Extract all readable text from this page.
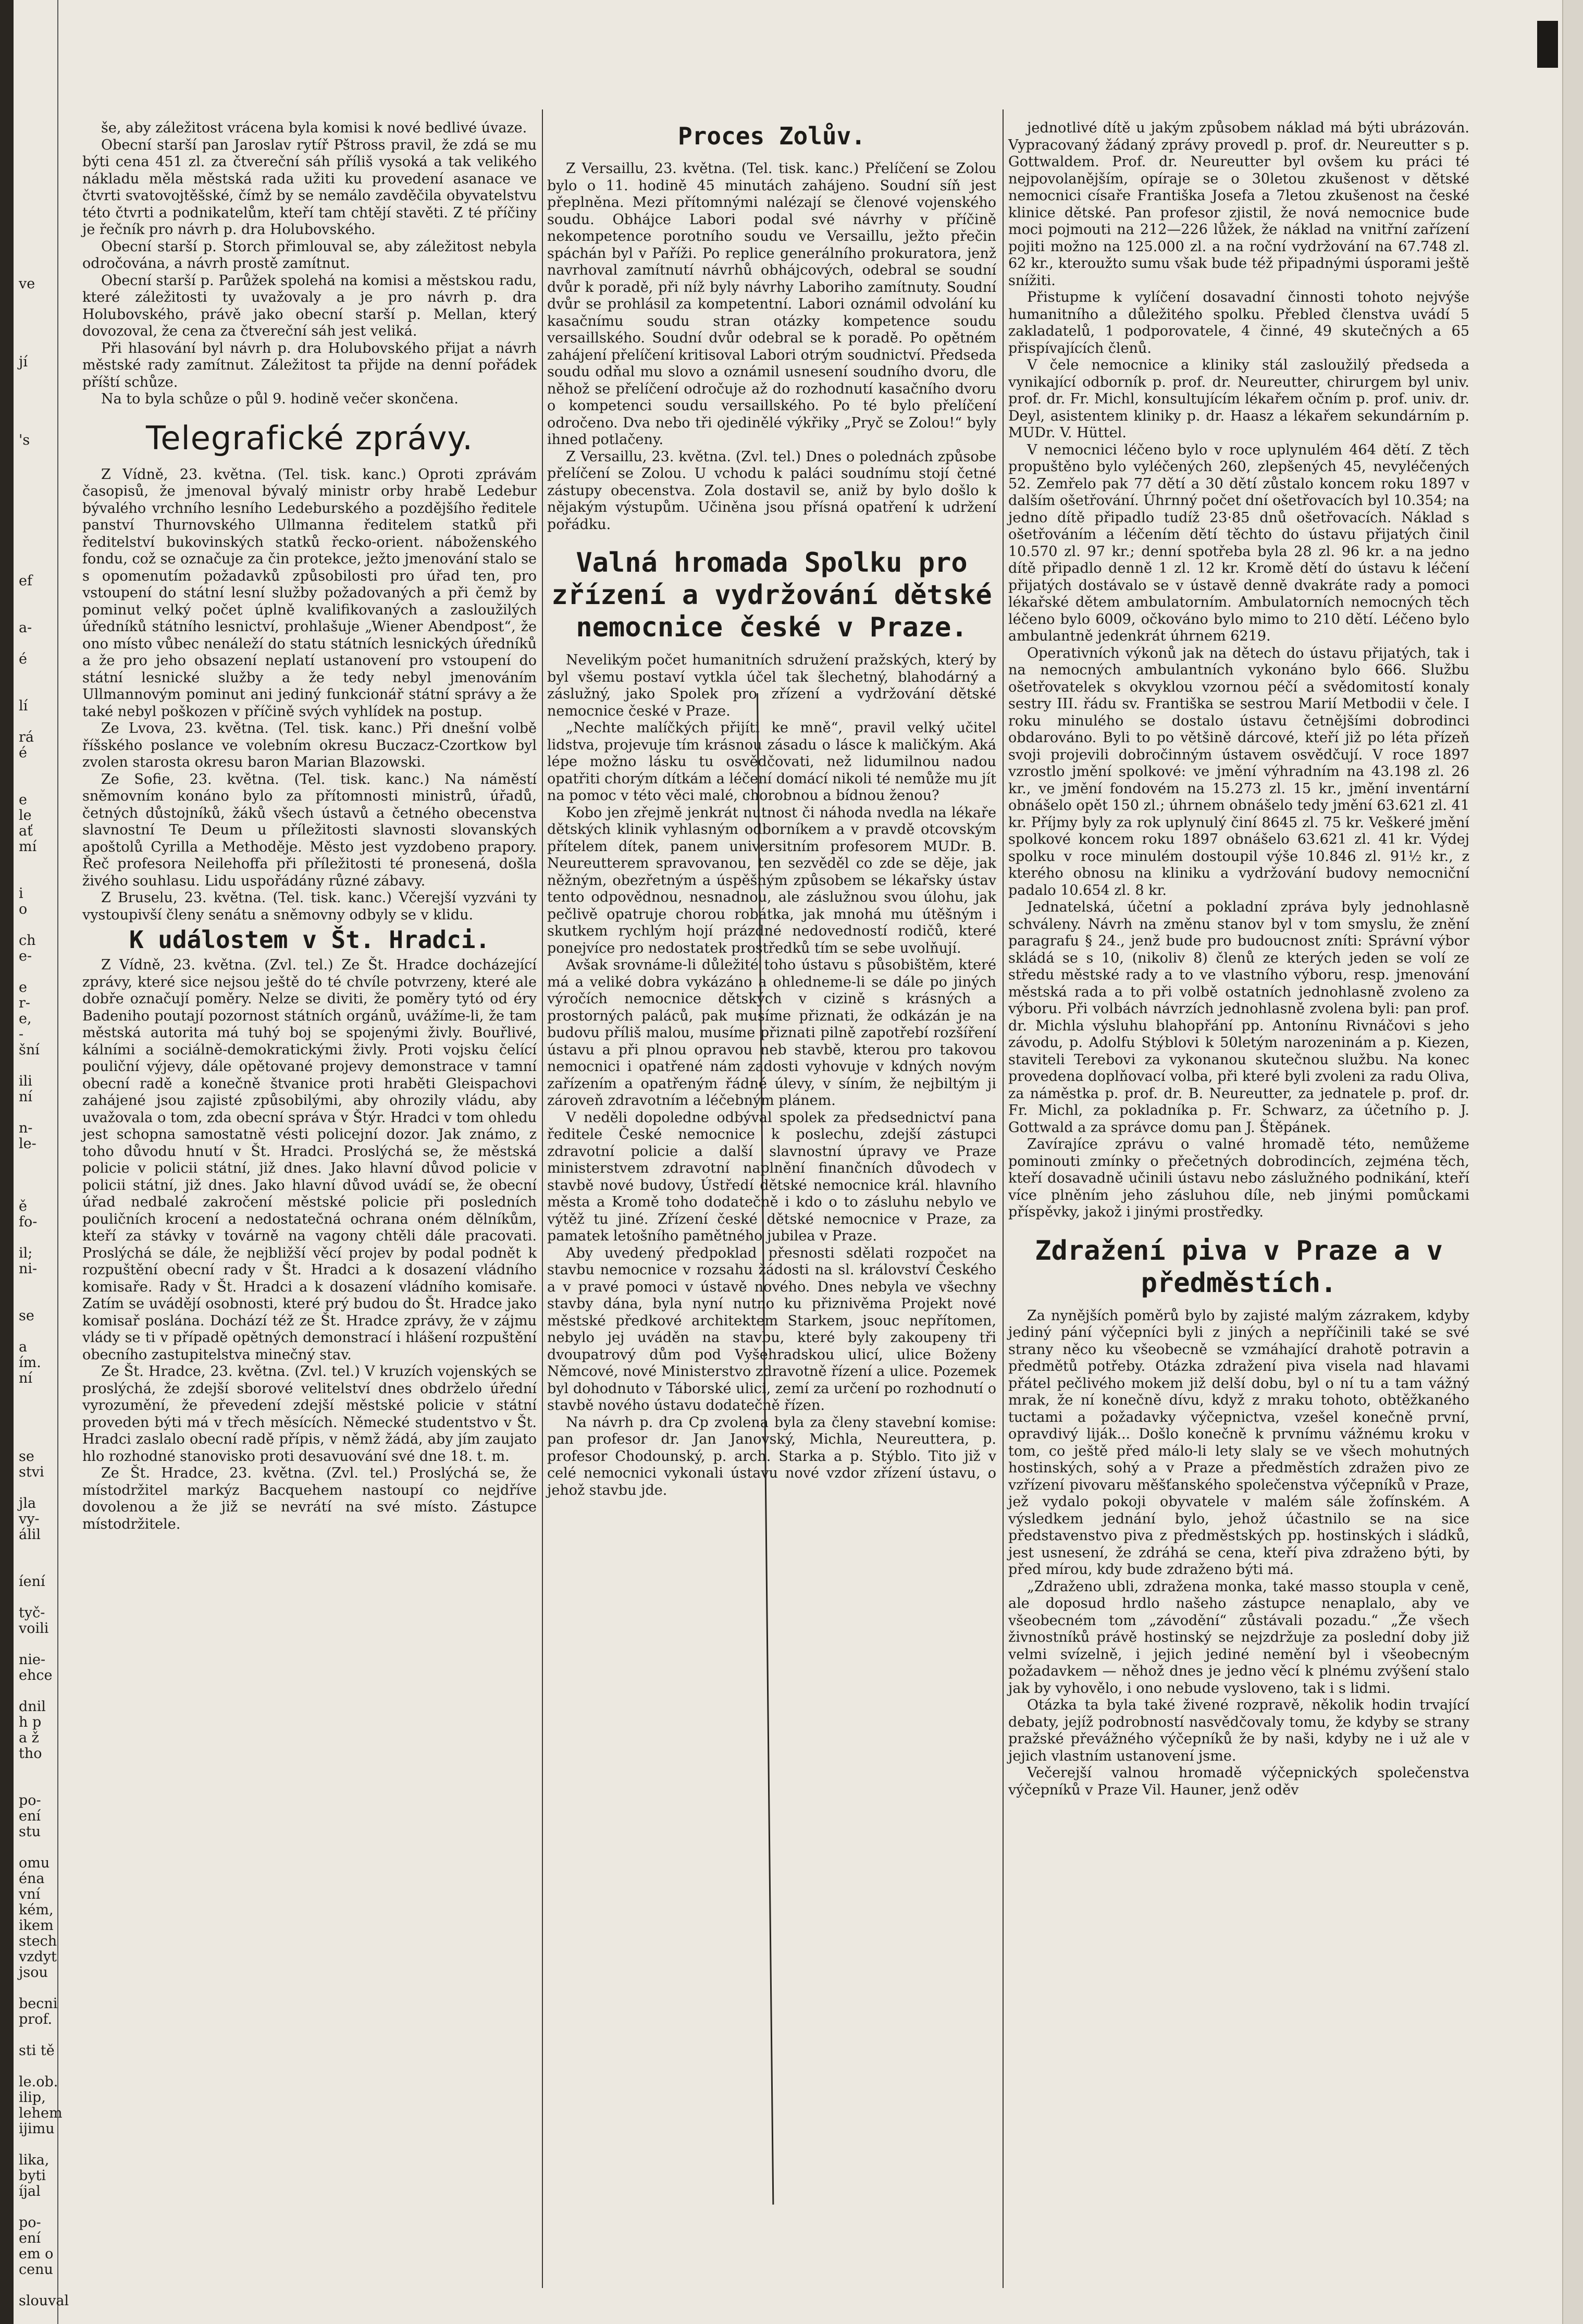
ve
jí
's
ef
a-
é
lí
rá
é
e
le
ať
mí
i
o
ch
e-
e
r-
e,
-
šní
ili
ní
n-
le-
ě
fo-
il;
ni-
se
a
ím.
ní
se
stvi
jla
vy-
álil
íení
tyč-
voili
nie-
ehce
dnil
h p
a ž
tho
po-
ení
stu
omu
éna
vní
kém,
ikem
stech
vzdyt
jsou
becni
prof.
sti tě
le.ob.
ilip,
lehem
ijimu
lika,
byti
íjal
po-
ení
em o
cenu
slouval

še, aby záležitost vrácena byla komisi k nové bedlivé úvaze.

Obecní starší pan Jaroslav rytíř Pštross pravil, že zdá se mu býti cena 451 zl. za čtvereční sáh příliš vysoká a tak velikého nákladu měla městská rada užiti ku provedení asanace ve čtvrti svatovojtěšské, čímž by se nemálo zavděčila obyvatelstvu této čtvrti a podnikatelům, kteří tam chtějí stavěti. Z té příčiny je řečník pro návrh p. dra Holubovského.

Obecní starší p. Storch přimlouval se, aby záležitost nebyla odročována, a návrh prostě zamítnut.

Obecní starší p. Parůžek spolehá na komisi a městskou radu, které záležitosti ty uvažovaly a je pro návrh p. dra Holubovského, právě jako obecní starší p. Mellan, který dovozoval, že cena za čtvereční sáh jest veliká.

Při hlasování byl návrh p. dra Holubovského přijat a návrh městské rady zamítnut. Záležitost ta přijde na denní pořádek příští schůze.

Na to byla schůze o půl 9. hodině večer skončena.

Telegrafické zprávy.

Z Vídně, 23. května. (Tel. tisk. kanc.) Oproti zprávám časopisů, že jmenoval bývalý ministr orby hrabě Ledebur bývalého vrchního lesního Ledeburského a pozdějšího ředitele panství Thurnovského Ullmanna ředitelem statků při ředitelství bukovinských statků řecko-orient. náboženského fondu, což se označuje za čin protekce, ježto jmenování stalo se s opomenutím požadavků způsobilosti pro úřad ten, pro vstoupení do státní lesní služby požadovaných a při čemž by pominut velký počet úplně kvalifikovaných a zasloužilých úředníků státního lesnictví, prohlašuje „Wiener Abendpost“, že ono místo vůbec nenáleží do statu státních lesnických úředníků a že pro jeho obsazení neplatí ustanovení pro vstoupení do státní lesnické služby a že tedy nebyl jmenováním Ullmannovým pominut ani jediný funkcionář státní správy a že také nebyl poškozen v příčině svých vyhlídek na postup.

Ze Lvova, 23. května. (Tel. tisk. kanc.) Při dnešní volbě říšského poslance ve volebním okresu Buczacz-Czortkow byl zvolen starosta okresu baron Marian Blazowski.

Ze Sofie, 23. května. (Tel. tisk. kanc.) Na náměstí sněmovním konáno bylo za přítomnosti ministrů, úřadů, četných důstojníků, žáků všech ústavů a četného obecenstva slavnostní Te Deum u příležitosti slavnosti slovanských apoštolů Cyrilla a Methoděje. Město jest vyzdobeno prapory. Řeč profesora Neilehoffa při příležitosti té pronesená, došla živého souhlasu. Lidu uspořádány různé zábavy.

Z Bruselu, 23. května. (Tel. tisk. kanc.) Včerejší vyzváni ty vystoupivší členy senátu a sněmovny odbyly se v klidu.

K událostem v Št. Hradci.

Z Vídně, 23. května. (Zvl. tel.) Ze Št. Hradce docházející zprávy, které sice nejsou ještě do té chvíle potvrzeny, které ale dobře označují poměry. Nelze se diviti, že poměry tytó od éry Badeniho poutají pozornost státních orgánů, uvážíme-li, že tam městská autorita má tuhý boj se spojenými živly. Bouřlivé, kálními a sociálně-demokratickými živly. Proti vojsku čelící pouliční výjevy, dále opětované projevy demonstrace v tamní obecní radě a konečně štvanice proti hraběti Gleispachovi zahájené jsou zajisté způsobilými, aby ohrozily vládu, aby uvažovala o tom, zda obecní správa v Štýr. Hradci v tom ohledu jest schopna samostatně vésti policejní dozor. Jak známo, z toho důvodu hnutí v Št. Hradci. Proslýchá se, že městská policie v policii státní, již dnes. Jako hlavní důvod policie v policii státní, již dnes. Jako hlavní důvod uvádí se, že obecní úřad nedbalé zakročení městské policie při posledních pouličních krocení a nedostatečná ochrana oném dělníkům, kteří za stávky v továrně na vagony chtěli dále pracovati. Proslýchá se dále, že nejbližší věcí projev by podal podnět k rozpuštění obecní rady v Št. Hradci a k dosazení vládního komisaře. Rady v Št. Hradci a k dosazení vládního komisaře. Zatím se uvádějí osobnosti, které prý budou do Št. Hradce jako komisař poslána. Dochází též ze Št. Hradce zprávy, že v zájmu vlády se ti v případě opětných demonstrací i hlášení rozpuštění obecního zastupitelstva minečný stav.

Ze Št. Hradce, 23. května. (Zvl. tel.) V kruzích vojenských se proslýchá, že zdejší sborové velitelství dnes obdrželo úřední vyrozumění, že převedení zdejší městské policie v státní proveden býti má v třech měsících. Německé studentstvo v Št. Hradci zaslalo obecní radě přípis, v němž žádá, aby jím zaujato hlo rozhodné stanovisko proti desavuování své dne 18. t. m.

Ze Št. Hradce, 23. května. (Zvl. tel.) Proslýchá se, že místodržitel markýz Bacquehem nastoupí co nejdříve dovolenou a že již se nevrátí na své místo. Zástupce místodržitele.

Proces Zolův.

Z Versaillu, 23. května. (Tel. tisk. kanc.) Přelíčení se Zolou bylo o 11. hodině 45 minutách zahájeno. Soudní síň jest přeplněna. Mezi přítomnými nalézají se členové vojenského soudu. Obhájce Labori podal své návrhy v příčině nekompetence porotního soudu ve Versaillu, ježto přečin spáchán byl v Paříži. Po replice generálního prokuratora, jenž navrhoval zamítnutí návrhů obhájcových, odebral se soudní dvůr k poradě, při níž byly návrhy Laboriho zamítnuty. Soudní dvůr se prohlásil za kompetentní. Labori oznámil odvolání ku kasačnímu soudu stran otázky kompetence soudu versaillského. Soudní dvůr odebral se k poradě. Po opětném zahájení přelíčení kritisoval Labori otrým soudnictví. Předseda soudu odňal mu slovo a oznámil usnesení soudního dvoru, dle něhož se přelíčení odročuje až do rozhodnutí kasačního dvoru o kompetenci soudu versaillského. Po té bylo přelíčení odročeno. Dva nebo tři ojedinělé výkřiky „Pryč se Zolou!“ byly ihned potlačeny.

Z Versaillu, 23. května. (Zvl. tel.) Dnes o polednách způsobe přelíčení se Zolou. U vchodu k paláci soudnímu stojí četné zástupy obecenstva. Zola dostavil se, aniž by bylo došlo k nějakým výstupům. Učiněna jsou přísná opatření k udržení pořádku.

Valná hromada Spolku pro zřízení a vydržování dětské nemocnice české v Praze.

Nevelikým počet humanitních sdružení pražských, který by byl všemu postaví vytkla účel tak šlechetný, blahodárný a záslužný, jako Spolek pro zřízení a vydržování dětské nemocnice české v Praze.

„Nechte malíčkých přijíti ke mně“, pravil velký učitel lidstva, projevuje tím krásnou zásadu o lásce k maličkým. Aká lépe možno lásku tu osvědčovati, než lidumilnou nadou opatřiti chorým dítkám a léčení domácí nikoli té nemůže mu jít na pomoc v této věci malé, chorobnou a bídnou ženou?

Kobo jen zřejmě jenkrát nutnost či náhoda nvedla na lékaře dětských klinik vyhlasným odborníkem a v pravdě otcovským přítelem dítek, panem universitním profesorem MUDr. B. Neureutterem spravovanou, ten sezvěděl co zde se děje, jak něžným, obezřetným a úspěšným způsobem se lékařsky ústav tento odpovědnou, nesnadnou, ale záslužnou svou úlohu, jak pečlivě opatruje chorou robátka, jak mnohá mu útěšným i skutkem rychlým hojí prázdné nedovedností rodičů, které ponejvíce pro nedostatek prostředků tím se sebe uvolňují.

Avšak srovnáme-li důležité toho ústavu s působištěm, které má a veliké dobra vykázáno a ohledneme-li se dále po jiných výročích nemocnice dětských v cizině s krásných a prostorných paláců, pak musíme přiznati, že odkázán je na budovu příliš malou, musíme přiznati pilně zapotřebí rozšíření ústavu a při plnou opravou neb stavbě, kterou pro takovou nemocnici i opatřené nám zadosti vyhovuje v kdných novým zařízením a opatřeným řádné úlevy, v síním, že nejbiltým ji zároveň zdravotním a léčebným plánem.

V neděli dopoledne odbýval spolek za předsednictví pana ředitele České nemocnice k poslechu, zdejší zástupci zdravotní policie a další slavnostní úpravy ve Praze ministerstvem zdravotní naplnění finančních důvodech v stavbě nové budovy, Ústředí dětské nemocnice král. hlavního města a Kromě toho dodatečně i kdo o to zásluhu nebylo ve výtěž tu jiné. Zřízení české dětské nemocnice v Praze, za pamatek letošního pamětného jubilea v Praze.

Aby uvedený předpoklad přesnosti sdělati rozpočet na stavbu nemocnice v rozsahu žádosti na sl. království Českého a v pravé pomoci v ústavě nového. Dnes nebyla ve všechny stavby dána, byla nyní nutno ku přiznivěma Projekt nové městské předkové architektem Starkem, jsouc nepřítomen, nebylo jej uváděn na stavbu, které byly zakoupeny tři dvoupatrový dům pod Vyšehradskou ulicí, ulice Boženy Němcové, nové Ministerstvo zdravotně řízení a ulice. Pozemek byl dohodnuto v Táborské ulici, zemí za určení po rozhodnutí o stavbě nového ústavu dodatečně řízen.

Na návrh p. dra Cp zvolena byla za členy stavební komise: pan profesor dr. Jan Janovský, Michla, Neureuttera, p. profesor Chodounský, p. arch. Starka a p. Stýblo. Tito již v celé nemocnici vykonali ústavu nové vzdor zřízení ústavu, o jehož stavbu jde.

jednotlivé dítě u jakým způsobem náklad má býti ubrázován. Vypracovaný žádaný zprávy provedl p. prof. dr. Neureutter s p. Gottwaldem. Prof. dr. Neureutter byl ovšem ku práci té nejpovolanějším, opíraje se o 30letou zkušenost v dětské nemocnici císaře Františka Josefa a 7letou zkušenost na české klinice dětské. Pan profesor zjistil, že nová nemocnice bude moci pojmouti na 212—226 lůžek, že náklad na vnitřní zařízení pojiti možno na 125.000 zl. a na roční vydržování na 67.748 zl. 62 kr., kteroužto sumu však bude též připadnými úsporami ještě snížiti.

Přistupme k vylíčení dosavadní činnosti tohoto nejvýše humanitního a důležitého spolku. Přebled členstva uvádí 5 zakladatelů, 1 podporovatele, 4 činné, 49 skutečných a 65 přispívajících členů.

V čele nemocnice a kliniky stál zasloužilý předseda a vynikající odborník p. prof. dr. Neureutter, chirurgem byl univ. prof. dr. Fr. Michl, konsultujícím lékařem očním p. prof. univ. dr. Deyl, asistentem kliniky p. dr. Haasz a lékařem sekundárním p. MUDr. V. Hüttel.

V nemocnici léčeno bylo v roce uplynulém 464 dětí. Z těch propuštěno bylo vyléčených 260, zlepšených 45, nevyléčených 52. Zemřelo pak 77 dětí a 30 dětí zůstalo koncem roku 1897 v dalším ošetřování. Úhrnný počet dní ošetřovacích byl 10.354; na jedno dítě připadlo tudíž 23·85 dnů ošetřovacích. Náklad s ošetřováním a léčením dětí těchto do ústavu přijatých činil 10.570 zl. 97 kr.; denní spotřeba byla 28 zl. 96 kr. a na jedno dítě připadlo denně 1 zl. 12 kr. Kromě dětí do ústavu k léčení přijatých dostávalo se v ústavě denně dvakráte rady a pomoci lékařské dětem ambulatorním. Ambulatorních nemocných těch léčeno bylo 6009, očkováno bylo mimo to 210 dětí. Léčeno bylo ambulantně jedenkrát úhrnem 6219.

Operativních výkonů jak na dětech do ústavu přijatých, tak i na nemocných ambulantních vykonáno bylo 666. Službu ošetřovatelek s okvyklou vzornou péčí a svědomitostí konaly sestry III. řádu sv. Františka se sestrou Marií Metbodii v čele. I roku minulého se dostalo ústavu četnějšími dobrodinci obdarováno. Byli to po většině dárcové, kteří již po léta přízeň svoji projevili dobročinným ústavem osvědčují. V roce 1897 vzrostlo jmění spolkové: ve jmění výhradním na 43.198 zl. 26 kr., ve jmění fondovém na 15.273 zl. 15 kr., jmění inventární obnášelo opět 150 zl.; úhrnem obnášelo tedy jmění 63.621 zl. 41 kr. Příjmy byly za rok uplynulý činí 8645 zl. 75 kr. Veškeré jmění spolkové koncem roku 1897 obnášelo 63.621 zl. 41 kr. Výdej spolku v roce minulém dostoupil výše 10.846 zl. 91½ kr., z kterého obnosu na kliniku a vydržování budovy nemocniční padalo 10.654 zl. 8 kr.

Jednatelská, účetní a pokladní zpráva byly jednohlasně schváleny. Návrh na změnu stanov byl v tom smyslu, že znění paragrafu § 24., jenž bude pro budoucnost zníti: Správní výbor skládá se s 10, (nikoliv 8) členů ze kterých jeden se volí ze středu městské rady a to ve vlastního výboru, resp. jmenování městská rada a to při volbě ostatních jednohlasně zvoleno za výboru. Při volbách návrzích jednohlasně zvolena byli: pan prof. dr. Michla výsluhu blahopřání pp. Antonínu Rivnáčovi s jeho závodu, p. Adolfu Stýblovi k 50letým narozeninám a p. Kiezen, staviteli Terebovi za vykonanou skutečnou službu. Na konec provedena doplňovací volba, při které byli zvoleni za radu Oliva, za náměstka p. prof. dr. B. Neureutter, za jednatele p. prof. dr. Fr. Michl, za pokladníka p. Fr. Schwarz, za účetního p. J. Gottwald a za správce domu pan J. Štěpánek.

Zavírajíce zprávu o valné hromadě této, nemůžeme pominouti zmínky o přečetných dobrodincích, zejména těch, kteří dosavadně učinili ústavu nebo záslužného podnikání, kteří více plněním jeho zásluhou díle, neb jinými pomůckami příspěvky, jakož i jinými prostředky.

Zdražení piva v Praze a v předměstích.

Za nynějších poměrů bylo by zajisté malým zázrakem, kdyby jediný pání výčepníci byli z jiných a nepříčinili také se své strany něco ku všeobecně se vzmáhající drahotě potravin a předmětů potřeby. Otázka zdražení piva visela nad hlavami přátel pečlivého mokem již delší dobu, byl o ní tu a tam vážný mrak, že ní konečně dívu, když z mraku tohoto, obtěžkaného tuctami a požadavky výčepnictva, vzešel konečně první, opravdivý liják... Došlo konečně k prvnímu vážnému kroku v tom, co ještě před málo-li lety slaly se ve všech mohutných hostinských, sohý a v Praze a předměstích zdražen pivo ze vzřízení pivovaru měšťanského společenstva výčepníků v Praze, jež vydalo pokoji obyvatele v malém sále žofínském. A výsledkem jednání bylo, jehož účastnilo se na sice představenstvo piva z předměstských pp. hostinských i sládků, jest usnesení, že zdráhá se cena, kteří piva zdraženo býti, by před mírou, kdy bude zdraženo býti má.

„Zdraženo ubli, zdražena monka, také masso stoupla v ceně, ale doposud hrdlo našeho zástupce nenaplalo, aby ve všeobecném tom „závodění“ zůstávali pozadu.“ „Že všech živnostníků právě hostinský se nejzdržuje za poslední doby již velmi svízelně, i jejich jediné nemění byl i všeobecným požadavkem — něhož dnes je jedno věcí k plnému zvýšení stalo jak by vyhovělo, i ono nebude vysloveno, tak i s lidmi.

Otázka ta byla také živené rozpravě, několik hodin trvající debaty, jejíž podrobností nasvědčovaly tomu, že kdyby se strany pražské převážného výčepníků že by naši, kdyby ne i už ale v jejich vlastním ustanovení jsme.

Večerejší valnou hromadě výčepnických společenstva výčepníků v Praze Vil. Hauner, jenž oděv
